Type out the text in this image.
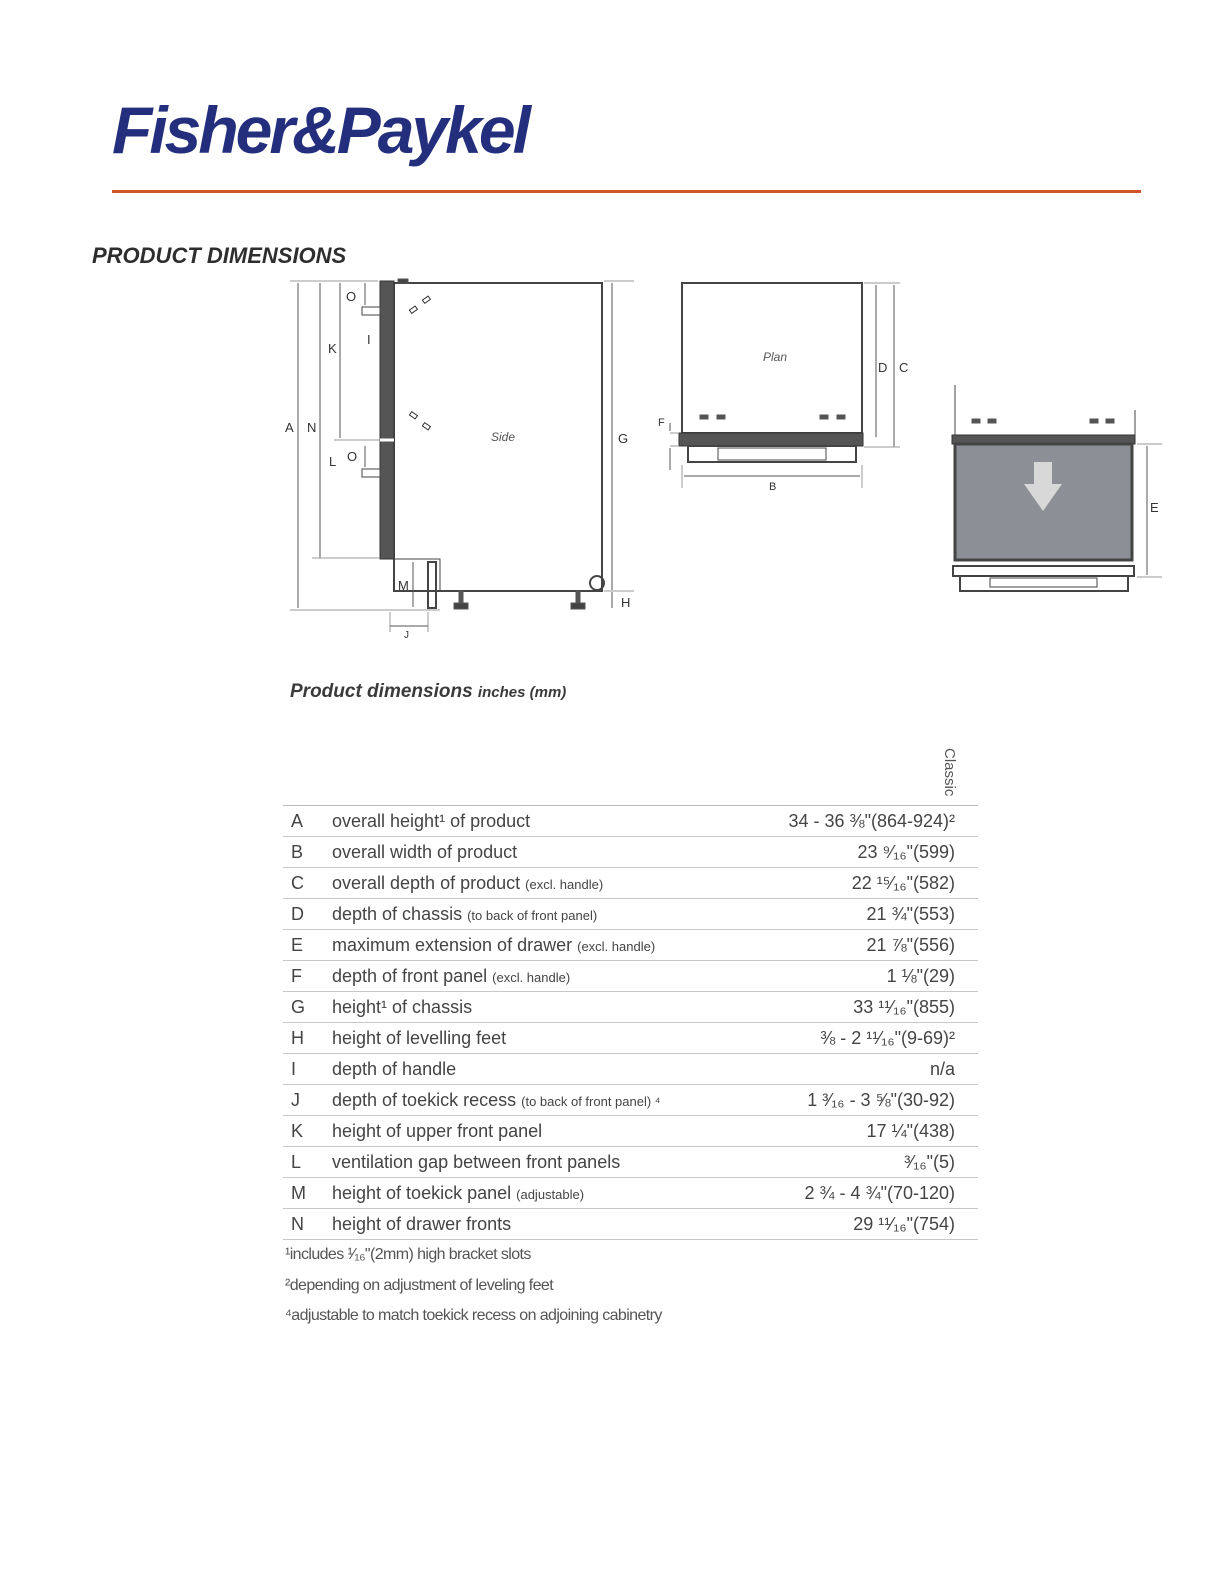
Fisher&Paykel
PRODUCT DIMENSIONS
A N
K
O
I
L O
M
J
G
H
F
D C
B
E
Side
Plan
Product dimensions inches (mm)
Classic
A overall height¹ of product	34 - 36 ⅜"(864-924)²
B overall width of product	23 ⁹⁄₁₆"(599)
C overall depth of product (excl. handle)	22 ¹⁵⁄₁₆"(582)
D depth of chassis (to back of front panel)	21 ¾"(553)
E maximum extension of drawer (excl. handle)	21 ⅞"(556)
F depth of front panel (excl. handle)	1 ⅛"(29)
G height¹ of chassis	33 ¹¹⁄₁₆"(855)
H height of levelling feet	⅜ - 2 ¹¹⁄₁₆"(9-69)²
I depth of handle	n/a
J depth of toekick recess (to back of front panel) ⁴	1 ³⁄₁₆ - 3 ⅝"(30-92)
K height of upper front panel	17 ¼"(438)
L ventilation gap between front panels	³⁄₁₆"(5)
M height of toekick panel (adjustable)	2 ¾ - 4 ¾"(70-120)
N height of drawer fronts	29 ¹¹⁄₁₆"(754)
¹includes ¹⁄₁₆"(2mm) high bracket slots
²depending on adjustment of leveling feet
⁴adjustable to match toekick recess on adjoining cabinetry
